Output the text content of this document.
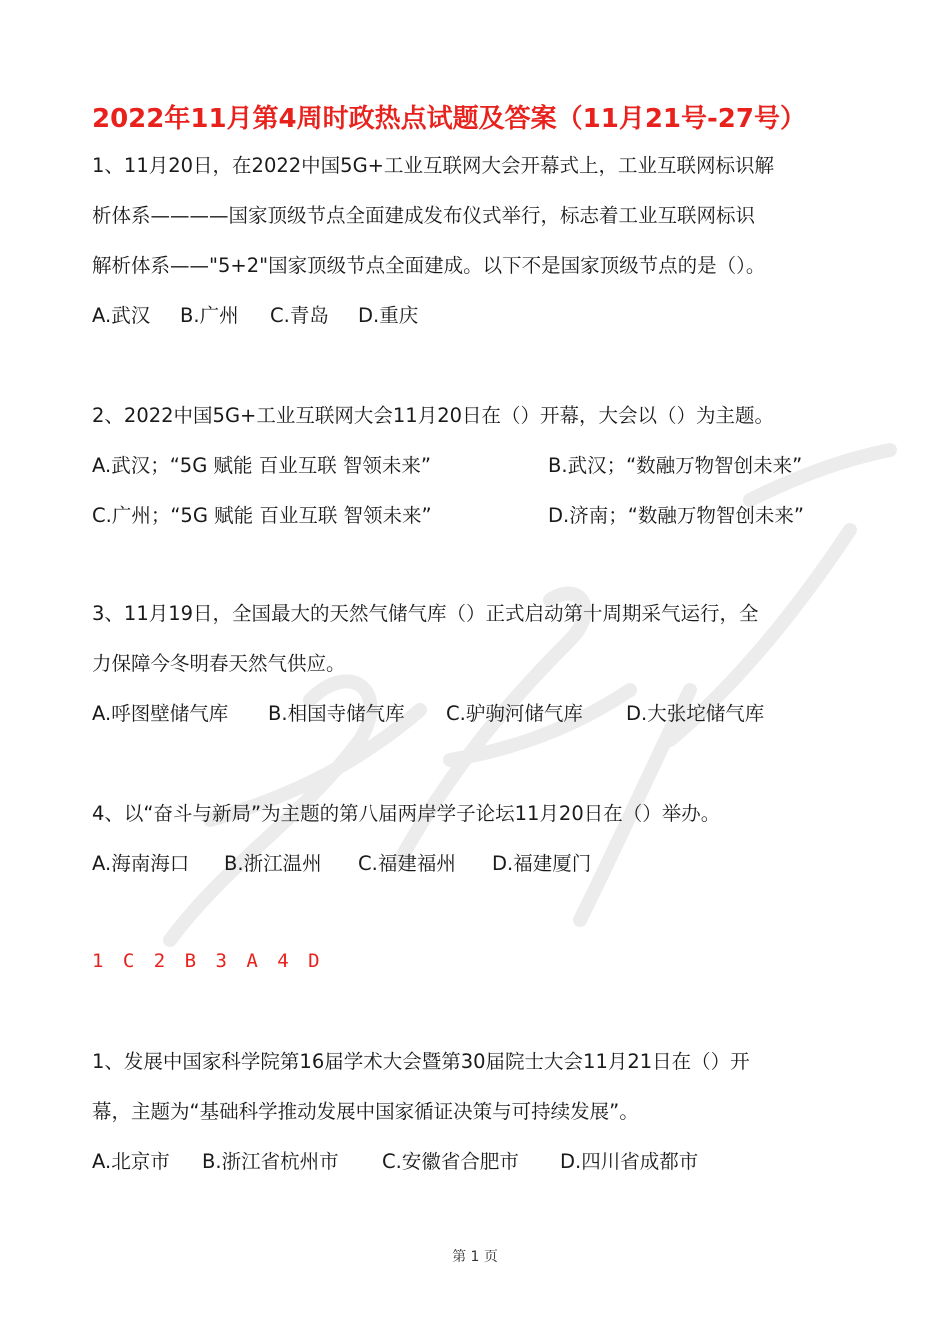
2022年11月第4周时政热点试题及答案（11月21号-27号）
1、11月20日，在2022中国5G+工业互联网大会开幕式上，工业互联网标识解
析体系————国家顶级节点全面建成发布仪式举行，标志着工业互联网标识
解析体系——"5+2"国家顶级节点全面建成。以下不是国家顶级节点的是（）。
A.武汉 B.广州 C.青岛 D.重庆
2、2022中国5G+工业互联网大会11月20日在（）开幕，大会以（）为主题。
A.武汉；“5G 赋能 百业互联 智领未来”	B.武汉；“数融万物智创未来”
C.广州；“5G 赋能 百业互联 智领未来”	D.济南；“数融万物智创未来”
3、11月19日，全国最大的天然气储气库（）正式启动第十周期采气运行，全
力保障今冬明春天然气供应。
A.呼图壁储气库 B.相国寺储气库 C.驴驹河储气库 D.大张坨储气库
4、以“奋斗与新局”为主题的第八届两岸学子论坛11月20日在（）举办。
A.海南海口 B.浙江温州 C.福建福州 D.福建厦门
1 C 2 B 3 A 4 D
1、发展中国家科学院第16届学术大会暨第30届院士大会11月21日在（）开
幕，主题为“基础科学推动发展中国家循证决策与可持续发展”。
A.北京市 B.浙江省杭州市 C.安徽省合肥市 D.四川省成都市
第 1 页
